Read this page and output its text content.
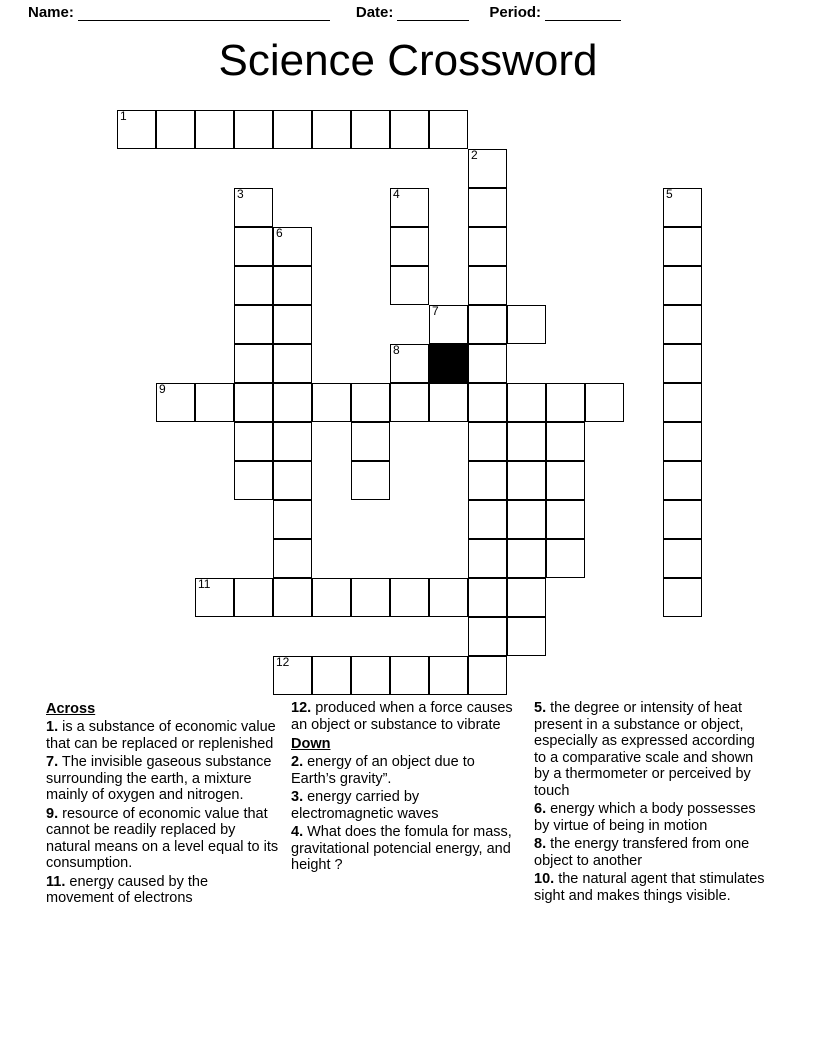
Name:	Date:	Period:
Science Crossword
1
2
3	4	5
6
7
8
9
11
12
Across
1. is a substance of economic value that can be replaced or replenished
7. The invisible gaseous substance surrounding the earth, a mixture mainly of oxygen and nitrogen.
9. resource of economic value that cannot be readily replaced by natural means on a level equal to its consumption.
11. energy caused by the movement of electrons
12. produced when a force causes an object or substance to vibrate
Down
2. energy of an object due to Earth’s gravity”.
3. energy carried by electromagnetic waves
4. What does the fomula for mass, gravitational potencial energy, and height ?
5. the degree or intensity of heat present in a substance or object, especially as expressed according to a comparative scale and shown by a thermometer or perceived by touch
6. energy which a body possesses by virtue of being in motion
8. the energy transfered from one object to another
10. the natural agent that stimulates sight and makes things visible.
